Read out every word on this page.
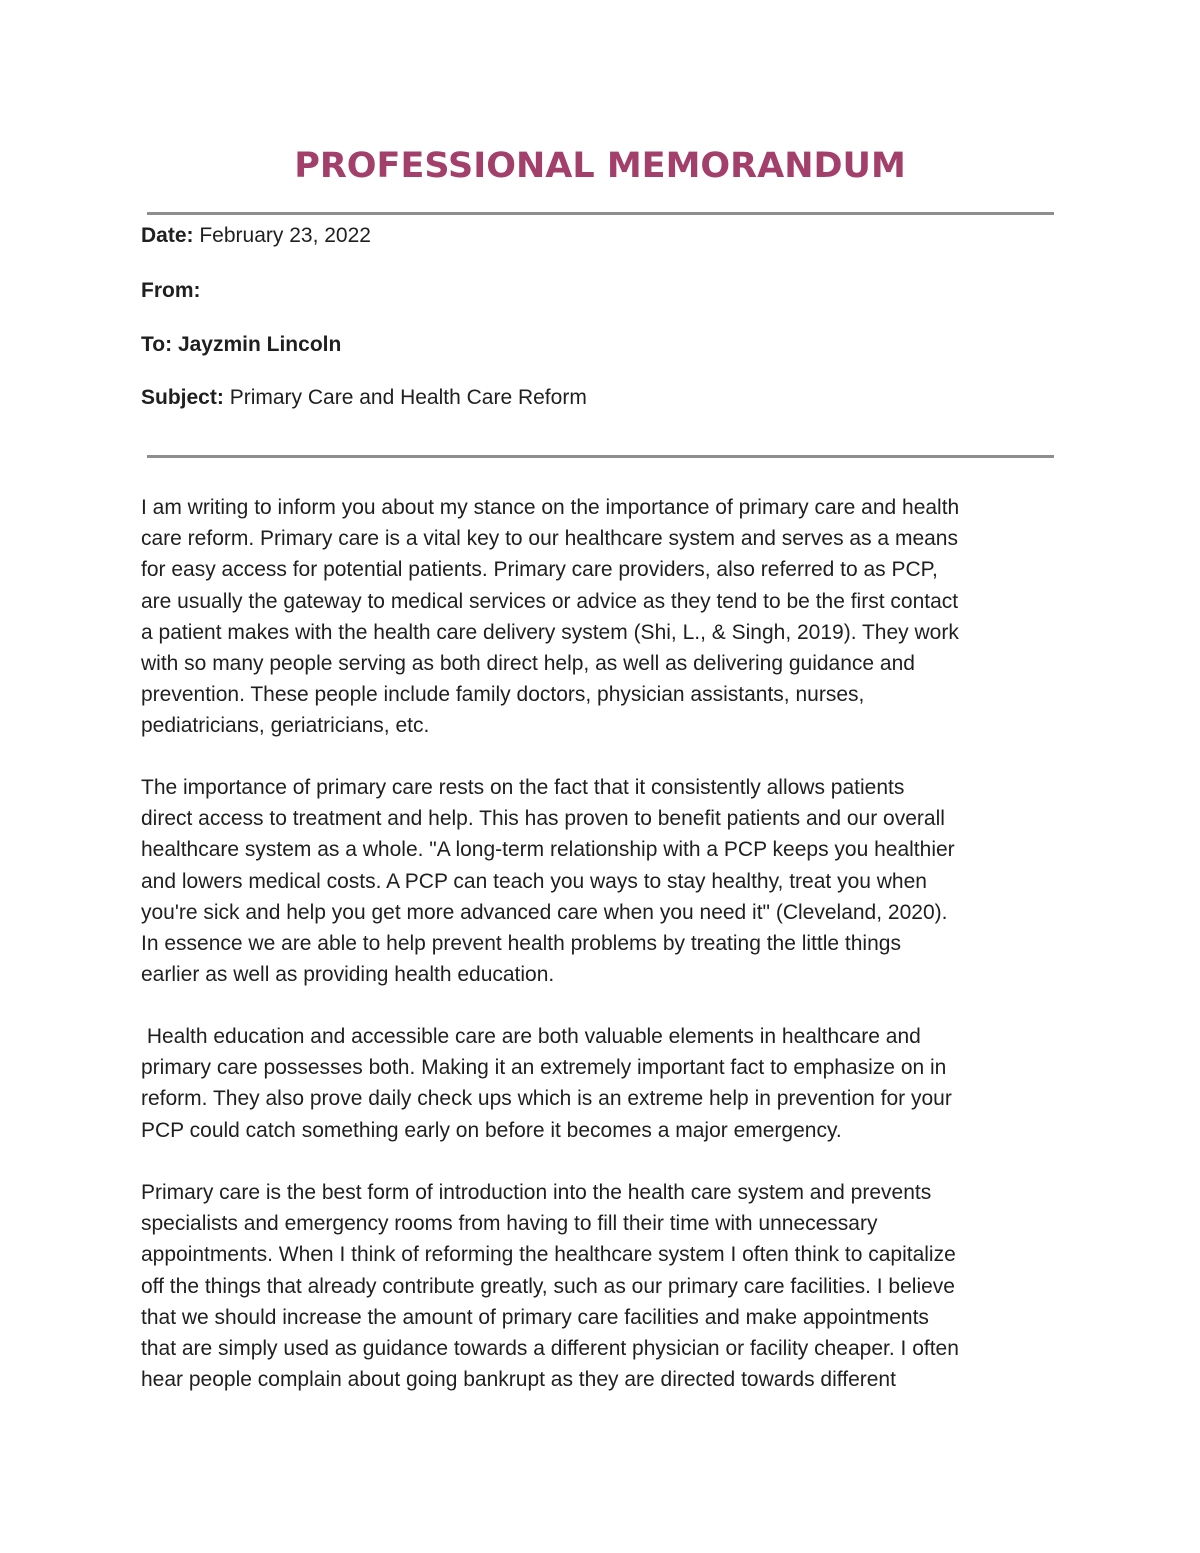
PROFESSIONAL MEMORANDUM
Date: February 23, 2022
From:
To: Jayzmin Lincoln
Subject: Primary Care and Health Care Reform

I am writing to inform you about my stance on the importance of primary care and health
care reform. Primary care is a vital key to our healthcare system and serves as a means
for easy access for potential patients. Primary care providers, also referred to as PCP,
are usually the gateway to medical services or advice as they tend to be the first contact
a patient makes with the health care delivery system (Shi, L., & Singh, 2019). They work
with so many people serving as both direct help, as well as delivering guidance and
prevention. These people include family doctors, physician assistants, nurses,
pediatricians, geriatricians, etc.

The importance of primary care rests on the fact that it consistently allows patients
direct access to treatment and help. This has proven to benefit patients and our overall
healthcare system as a whole. "A long-term relationship with a PCP keeps you healthier
and lowers medical costs. A PCP can teach you ways to stay healthy, treat you when
you're sick and help you get more advanced care when you need it" (Cleveland, 2020).
In essence we are able to help prevent health problems by treating the little things
earlier as well as providing health education.

Health education and accessible care are both valuable elements in healthcare and
primary care possesses both. Making it an extremely important fact to emphasize on in
reform. They also prove daily check ups which is an extreme help in prevention for your
PCP could catch something early on before it becomes a major emergency.

Primary care is the best form of introduction into the health care system and prevents
specialists and emergency rooms from having to fill their time with unnecessary
appointments. When I think of reforming the healthcare system I often think to capitalize
off the things that already contribute greatly, such as our primary care facilities. I believe
that we should increase the amount of primary care facilities and make appointments
that are simply used as guidance towards a different physician or facility cheaper. I often
hear people complain about going bankrupt as they are directed towards different
